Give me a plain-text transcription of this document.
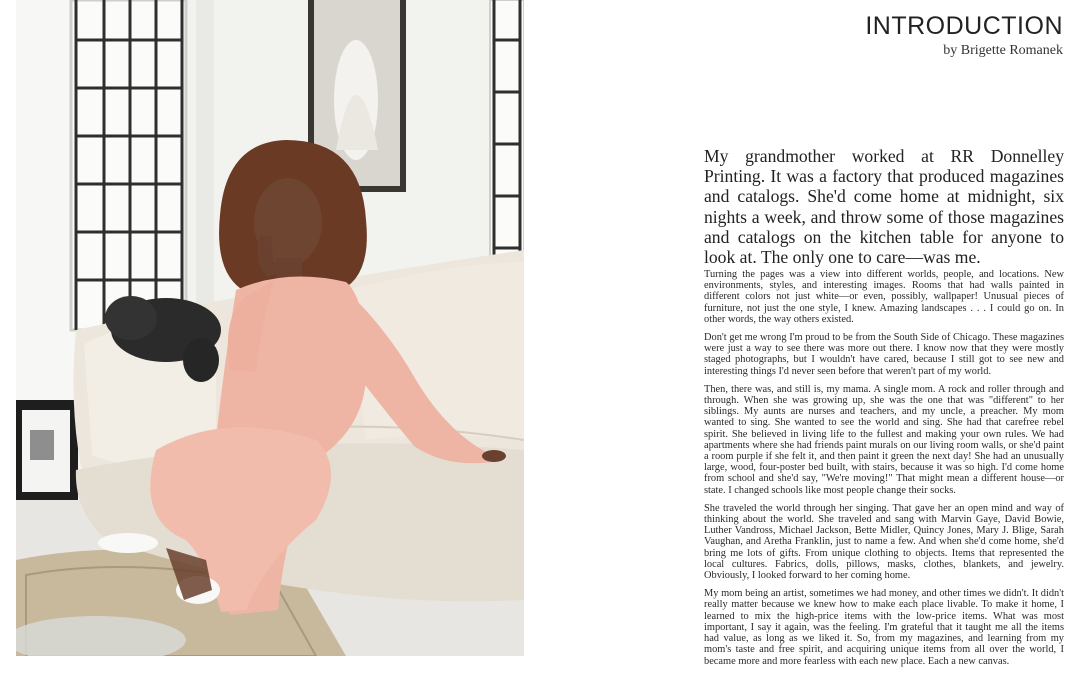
INTRODUCTION
by Brigette Romanek

My grandmother worked at RR Donnelley Printing. It was a factory that produced magazines and catalogs. She'd come home at midnight, six nights a week, and throw some of those magazines and catalogs on the kitchen table for anyone to look at. The only one to care—was me.

Turning the pages was a view into different worlds, people, and locations. New environments, styles, and interesting images. Rooms that had walls painted in different colors not just white—or even, possibly, wallpaper! Unusual pieces of furniture, not just the one style, I knew. Amazing landscapes . . . I could go on. In other words, the way others existed.

Don't get me wrong I'm proud to be from the South Side of Chicago. These magazines were just a way to see there was more out there. I know now that they were mostly staged photographs, but I wouldn't have cared, because I still got to see new and interesting things I'd never seen before that weren't part of my world.

Then, there was, and still is, my mama. A single mom. A rock and roller through and through. When she was growing up, she was the one that was "different" to her siblings. My aunts are nurses and teachers, and my uncle, a preacher. My mom wanted to sing. She wanted to see the world and sing. She had that carefree rebel spirit. She believed in living life to the fullest and making your own rules. We had apartments where she had friends paint murals on our living room walls, or she'd paint a room purple if she felt it, and then paint it green the next day! She had an unusually large, wood, four-poster bed built, with stairs, because it was so high. I'd come home from school and she'd say, "We're moving!" That might mean a different house—or state. I changed schools like most people change their socks.

She traveled the world through her singing. That gave her an open mind and way of thinking about the world. She traveled and sang with Marvin Gaye, David Bowie, Luther Vandross, Michael Jackson, Bette Midler, Quincy Jones, Mary J. Blige, Sarah Vaughan, and Aretha Franklin, just to name a few. And when she'd come home, she'd bring me lots of gifts. From unique clothing to objects. Items that represented the local cultures. Fabrics, dolls, pillows, masks, clothes, blankets, and jewelry. Obviously, I looked forward to her coming home.

My mom being an artist, sometimes we had money, and other times we didn't. It didn't really matter because we knew how to make each place livable. To make it home, I learned to mix the high-price items with the low-price items. What was most important, I say it again, was the feeling. I'm grateful that it taught me all the items had value, as long as we liked it. So, from my magazines, and learning from my mom's taste and free spirit, and acquiring unique items from all over the world, I became more and more fearless with each new place. Each a new canvas.
